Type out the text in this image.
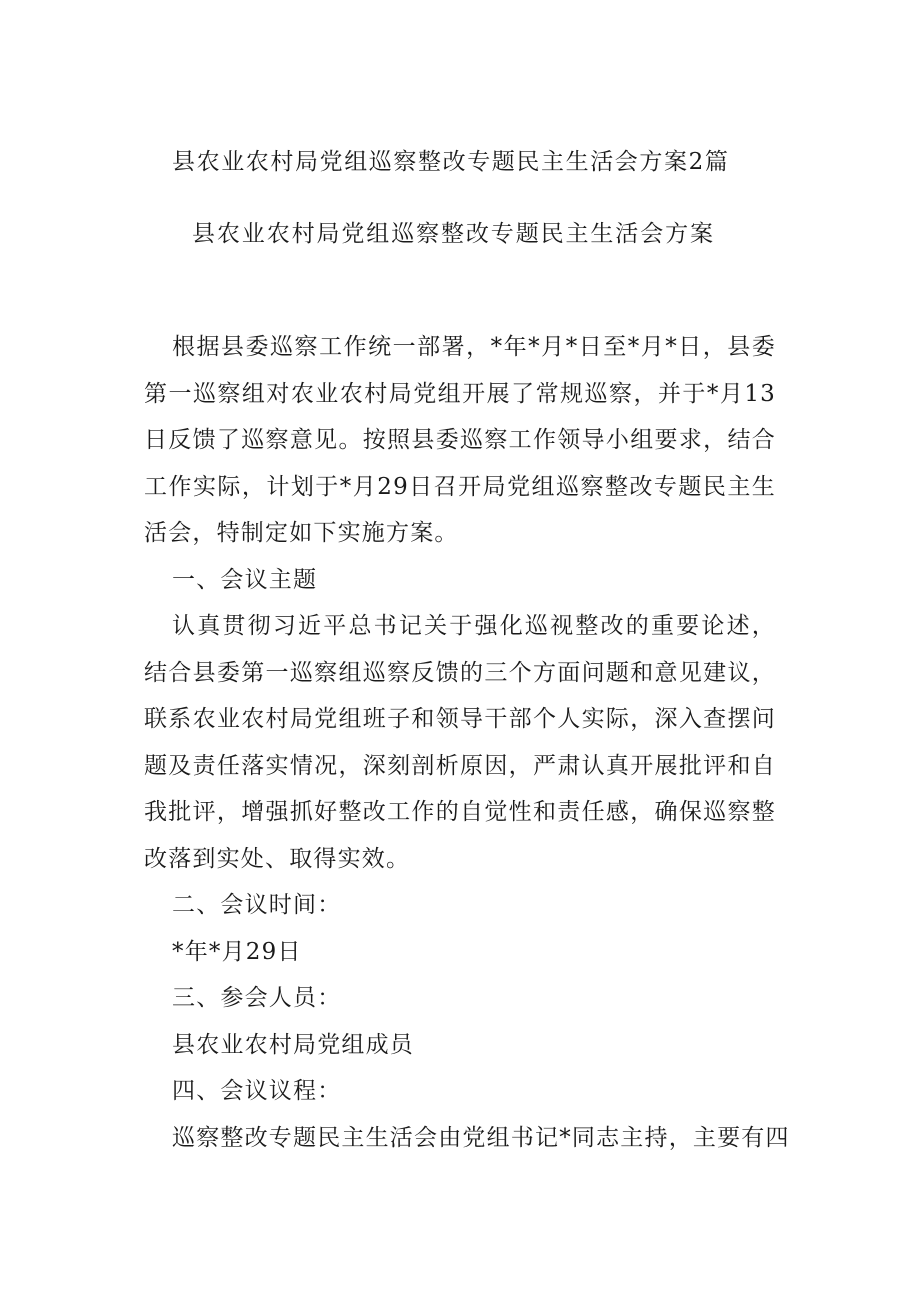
县农业农村局党组巡察整改专题民主生活会方案2篇
县农业农村局党组巡察整改专题民主生活会方案

根据县委巡察工作统一部署，*年*月*日至*月*日，县委第一巡察组对农业农村局党组开展了常规巡察，并于*月13日反馈了巡察意见。按照县委巡察工作领导小组要求，结合工作实际，计划于*月29日召开局党组巡察整改专题民主生活会，特制定如下实施方案。

一、会议主题

认真贯彻习近平总书记关于强化巡视整改的重要论述，结合县委第一巡察组巡察反馈的三个方面问题和意见建议，联系农业农村局党组班子和领导干部个人实际，深入查摆问题及责任落实情况，深刻剖析原因，严肃认真开展批评和自我批评，增强抓好整改工作的自觉性和责任感，确保巡察整改落到实处、取得实效。

二、会议时间：

*年*月29日

三、参会人员：

县农业农村局党组成员

四、会议议程：

巡察整改专题民主生活会由党组书记*同志主持，主要有四
